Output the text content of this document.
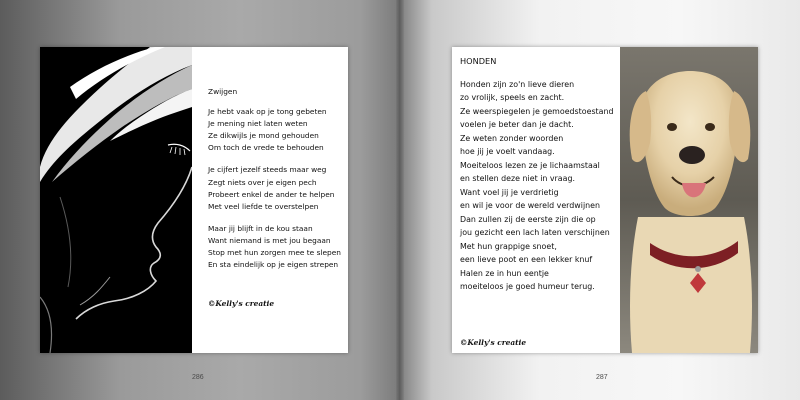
Zwijgen
Je hebt vaak op je tong gebeten
Je mening niet laten weten
Ze dikwijls je mond gehouden
Om toch de vrede te behouden
Je cijfert jezelf steeds maar weg
Zegt niets over je eigen pech
Probeert enkel de ander te helpen
Met veel liefde te overstelpen
Maar jij blijft in de kou staan
Want niemand is met jou begaan
Stop met hun zorgen mee te slepen
En sta eindelijk op je eigen strepen
©Kelly's creatie
286
HONDEN
Honden zijn zo'n lieve dieren
zo vrolijk, speels en zacht.
Ze weerspiegelen je gemoedstoestand
voelen je beter dan je dacht.
Ze weten zonder woorden
hoe jij je voelt vandaag.
Moeiteloos lezen ze je lichaamstaal
en stellen deze niet in vraag.
Want voel jij je verdrietig
en wil je voor de wereld verdwijnen
Dan zullen zij de eerste zijn die op
jou gezicht een lach laten verschijnen
Met hun grappige snoet,
een lieve poot en een lekker knuf
Halen ze in hun eentje
moeiteloos je goed humeur terug.
©Kelly's creatie
287
